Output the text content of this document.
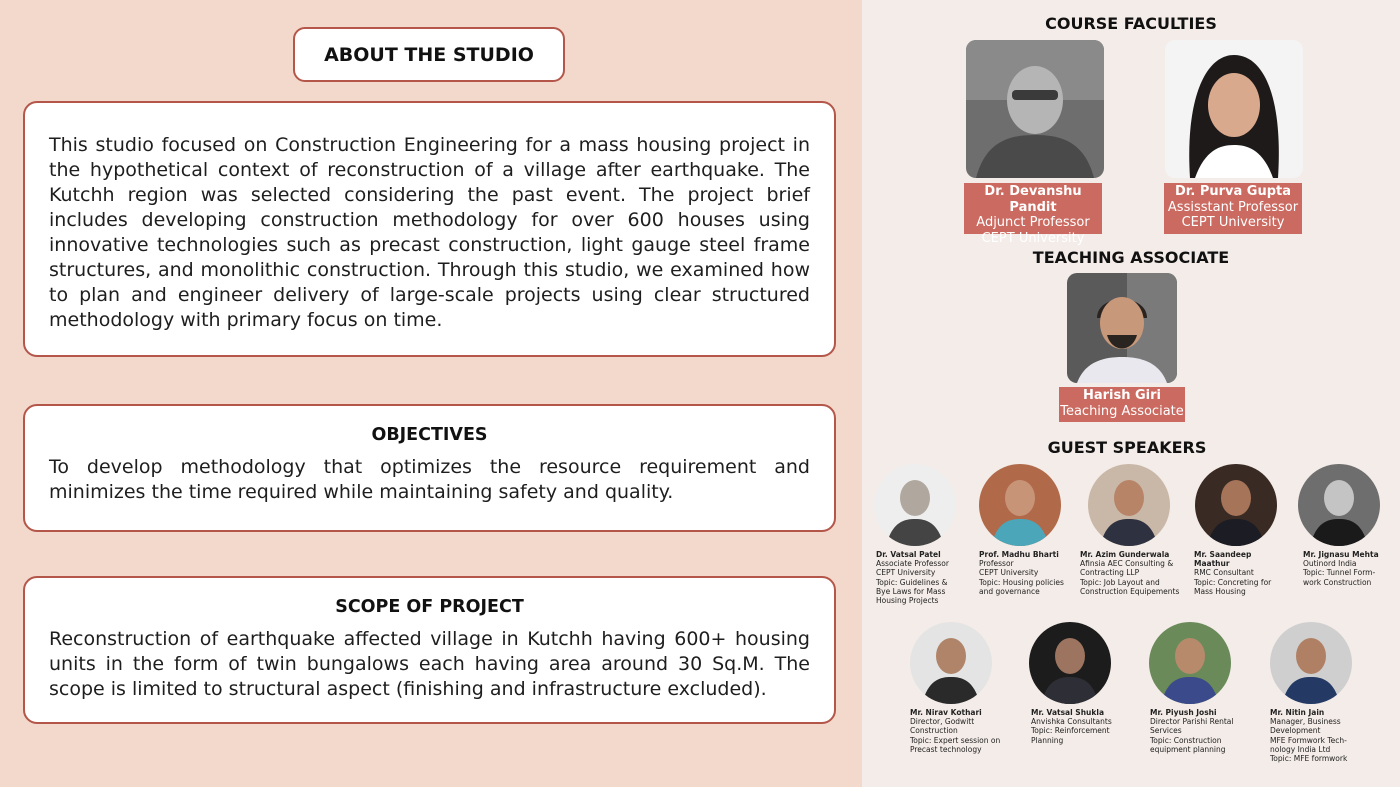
ABOUT THE STUDIO

This studio focused on Construction Engineering for a mass housing project in the hypothetical context of reconstruction of a village after earthquake. The Kutchh region was selected considering the past event. The project brief includes developing construction methodology for over 600 houses using innovative technologies such as precast construction, light gauge steel frame structures, and monolithic construction. Through this studio, we examined how to plan and engineer delivery of large-scale projects using clear structured methodology with primary focus on time.

OBJECTIVES

To develop methodology that optimizes the resource requirement and minimizes the time required while maintaining safety and quality.

SCOPE OF PROJECT

Reconstruction of earthquake affected village in Kutchh having 600+ housing units in the form of twin bungalows each having area around 30 Sq.M. The scope is limited to structural aspect (finishing and infrastructure excluded).

COURSE FACULTIES
Dr. Devanshu Pandit
Adjunct Professor
CEPT University
Dr. Purva Gupta
Assisstant Professor
CEPT University
TEACHING ASSOCIATE
Harish Giri
Teaching Associate
GUEST SPEAKERS
Dr. Vatsal Patel
Associate Professor
CEPT University
Topic: Guidelines &
Bye Laws for Mass
Housing Projects
Prof. Madhu Bharti
Professor
CEPT University
Topic: Housing policies
and governance
Mr. Azim Gunderwala
Afinsia AEC Consulting &
Contracting LLP
Topic: Job Layout and
Construction Equipements
Mr. Saandeep Maathur
RMC Consultant
Topic: Concreting for
Mass Housing
Mr. Jignasu Mehta
Outinord India
Topic: Tunnel Form-
work Construction
Mr. Nirav Kothari
Director, Godwitt
Construction
Topic: Expert session on
Precast technology
Mr. Vatsal Shukla
Anvishka Consultants
Topic: Reinforcement
Planning
Mr. Piyush Joshi
Director Parishi Rental
Services
Topic: Construction
equipment planning
Mr. Nitin Jain
Manager, Business
Development
MFE Formwork Tech-
nology India Ltd
Topic: MFE formwork
